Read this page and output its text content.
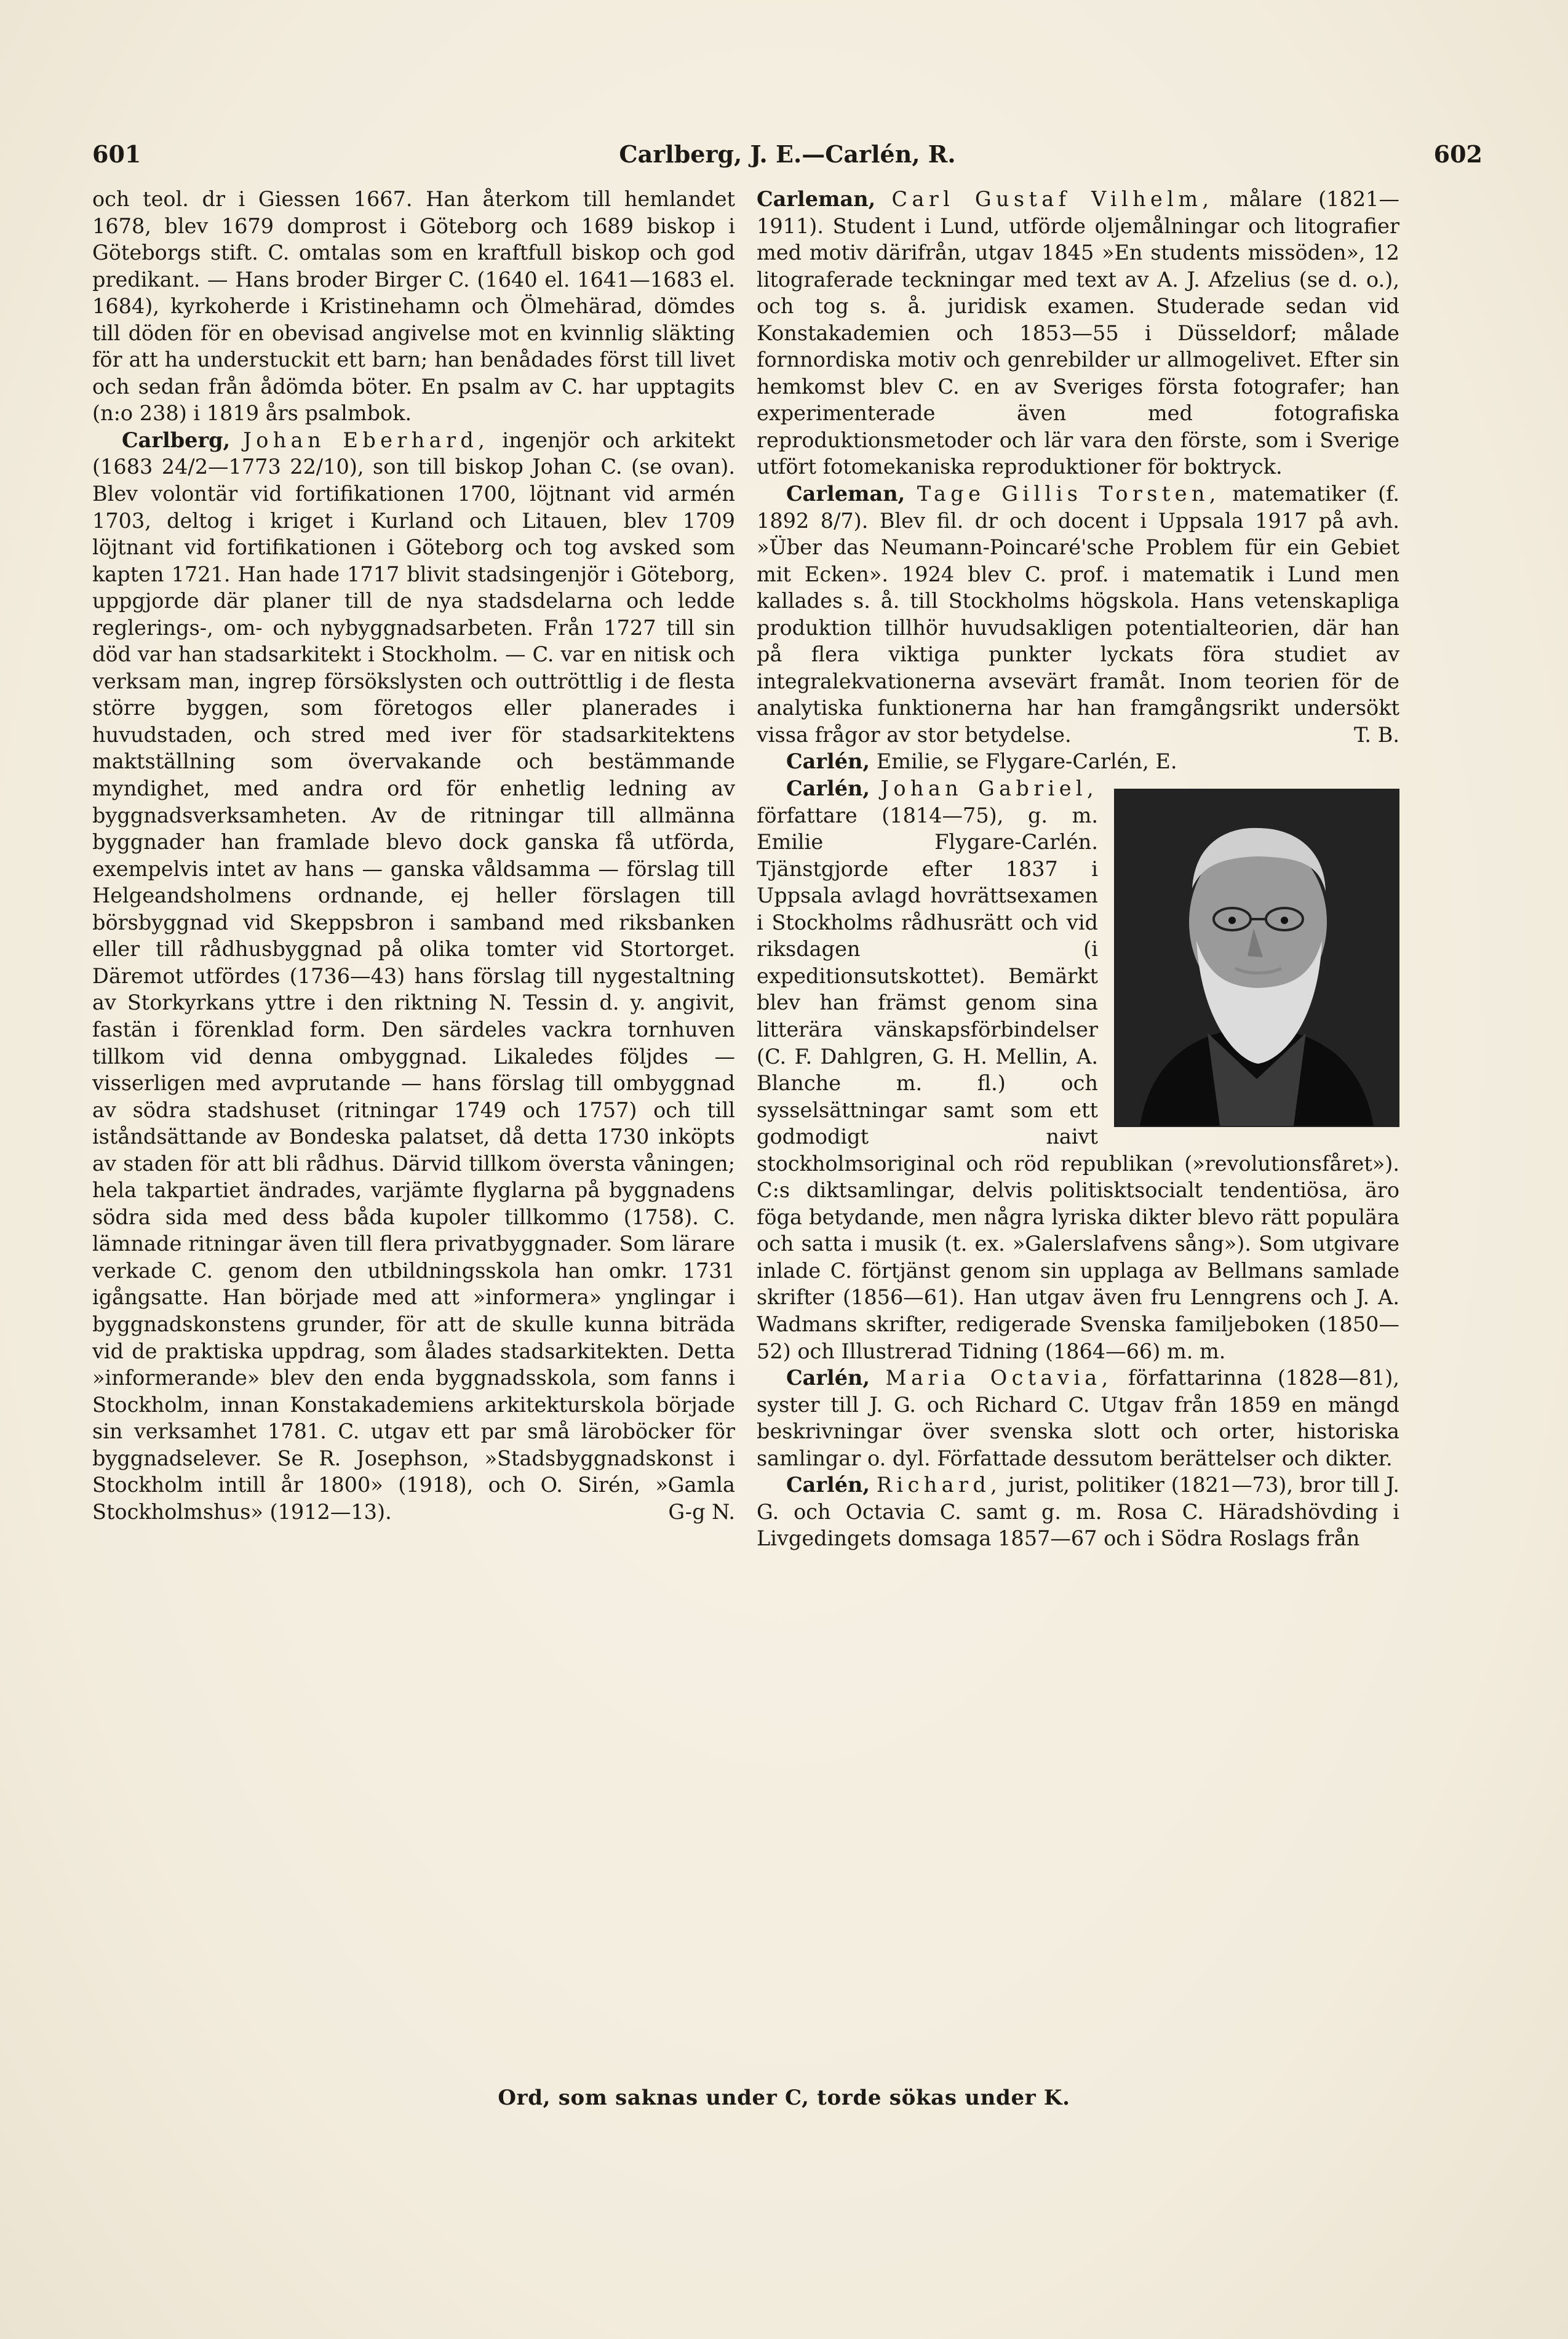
601	Carlberg, J. E.—Carlén, R.	602

och teol. dr i Giessen 1667. Han återkom till hemlandet 1678, blev 1679 domprost i Göteborg och 1689 biskop i Göteborgs stift. C. omtalas som en kraftfull biskop och god predikant. — Hans broder Birger C. (1640 el. 1641—1683 el. 1684), kyrkoherde i Kristinehamn och Ölmehärad, dömdes till döden för en obevisad angivelse mot en kvinnlig släkting för att ha understuckit ett barn; han benådades först till livet och sedan från ådömda böter. En psalm av C. har upptagits (n:o 238) i 1819 års psalmbok.

Carlberg, Johan Eberhard, ingenjör och arkitekt (1683 24/2—1773 22/10), son till biskop Johan C. (se ovan). Blev volontär vid fortifikationen 1700, löjtnant vid armén 1703, deltog i kriget i Kurland och Litauen, blev 1709 löjtnant vid fortifikationen i Göteborg och tog avsked som kapten 1721. Han hade 1717 blivit stadsingenjör i Göteborg, uppgjorde där planer till de nya stadsdelarna och ledde reglerings-, om- och nybyggnadsarbeten. Från 1727 till sin död var han stadsarkitekt i Stockholm. — C. var en nitisk och verksam man, ingrep försökslysten och outtröttlig i de flesta större byggen, som företogos eller planerades i huvudstaden, och stred med iver för stadsarkitektens maktställning som övervakande och bestämmande myndighet, med andra ord för enhetlig ledning av byggnadsverksamheten. Av de ritningar till allmänna byggnader han framlade blevo dock ganska få utförda, exempelvis intet av hans — ganska våldsamma — förslag till Helgeandsholmens ordnande, ej heller förslagen till börsbyggnad vid Skeppsbron i samband med riksbanken eller till rådhusbyggnad på olika tomter vid Stortorget. Däremot utfördes (1736—43) hans förslag till nygestaltning av Storkyrkans yttre i den riktning N. Tessin d. y. angivit, fastän i förenklad form. Den särdeles vackra tornhuven tillkom vid denna ombyggnad. Likaledes följdes — visserligen med avprutande — hans förslag till ombyggnad av södra stadshuset (ritningar 1749 och 1757) och till iståndsättande av Bondeska palatset, då detta 1730 inköpts av staden för att bli rådhus. Därvid tillkom översta våningen; hela takpartiet ändrades, varjämte flyglarna på byggnadens södra sida med dess båda kupoler tillkommo (1758). C. lämnade ritningar även till flera privatbyggnader. Som lärare verkade C. genom den utbildningsskola han omkr. 1731 igångsatte. Han började med att »informera» ynglingar i byggnadskonstens grunder, för att de skulle kunna biträda vid de praktiska uppdrag, som ålades stadsarkitekten. Detta »informerande» blev den enda byggnadsskola, som fanns i Stockholm, innan Konstakademiens arkitekturskola började sin verksamhet 1781. C. utgav ett par små läroböcker för byggnadselever. Se R. Josephson, »Stadsbyggnadskonst i Stockholm intill år 1800» (1918), och O. Sirén, »Gamla Stockholmshus» (1912—13).	G-g N.

Carleman, Carl Gustaf Vilhelm, målare (1821—1911). Student i Lund, utförde oljemålningar och litografier med motiv därifrån, utgav 1845 »En students missöden», 12 litograferade teckningar med text av A. J. Afzelius (se d. o.), och tog s. å. juridisk examen. Studerade sedan vid Konstakademien och 1853—55 i Düsseldorf; målade fornnordiska motiv och genrebilder ur allmogelivet. Efter sin hemkomst blev C. en av Sveriges första fotografer; han experimenterade även med fotografiska reproduktionsmetoder och lär vara den förste, som i Sverige utfört fotomekaniska reproduktioner för boktryck.

Carleman, Tage Gillis Torsten, matematiker (f. 1892 8/7). Blev fil. dr och docent i Uppsala 1917 på avh. »Über das Neumann-Poincaré'sche Problem für ein Gebiet mit Ecken». 1924 blev C. prof. i matematik i Lund men kallades s. å. till Stockholms högskola. Hans vetenskapliga produktion tillhör huvudsakligen potentialteorien, där han på flera viktiga punkter lyckats föra studiet av integralekvationerna avsevärt framåt. Inom teorien för de analytiska funktionerna har han framgångsrikt undersökt vissa frågor av stor betydelse.	T. B.

Carlén, Emilie, se Flygare-Carlén, E.

Carlén, Johan Gabriel, författare (1814—75), g. m. Emilie Flygare-Carlén. Tjänstgjorde efter 1837 i Uppsala avlagd hovrättsexamen i Stockholms rådhusrätt och vid riksdagen (i expeditionsutskottet). Bemärkt blev han främst genom sina litterära vänskapsförbindelser (C. F. Dahlgren, G. H. Mellin, A. Blanche m. fl.) och sysselsättningar samt som ett godmodigt naivt stockholmsoriginal och röd republikan (»revolutionsfåret»). C:s diktsamlingar, delvis politisktsocialt tendentiösa, äro föga betydande, men några lyriska dikter blevo rätt populära och satta i musik (t. ex. »Galerslafvens sång»). Som utgivare inlade C. förtjänst genom sin upplaga av Bellmans samlade skrifter (1856—61). Han utgav även fru Lenngrens och J. A. Wadmans skrifter, redigerade Svenska familjeboken (1850—52) och Illustrerad Tidning (1864—66) m. m.

Carlén, Maria Octavia, författarinna (1828—81), syster till J. G. och Richard C. Utgav från 1859 en mängd beskrivningar över svenska slott och orter, historiska samlingar o. dyl. Författade dessutom berättelser och dikter.

Carlén, Richard, jurist, politiker (1821—73), bror till J. G. och Octavia C. samt g. m. Rosa C. Häradshövding i Livgedingets domsaga 1857—67 och i Södra Roslags från

Ord, som saknas under C, torde sökas under K.
